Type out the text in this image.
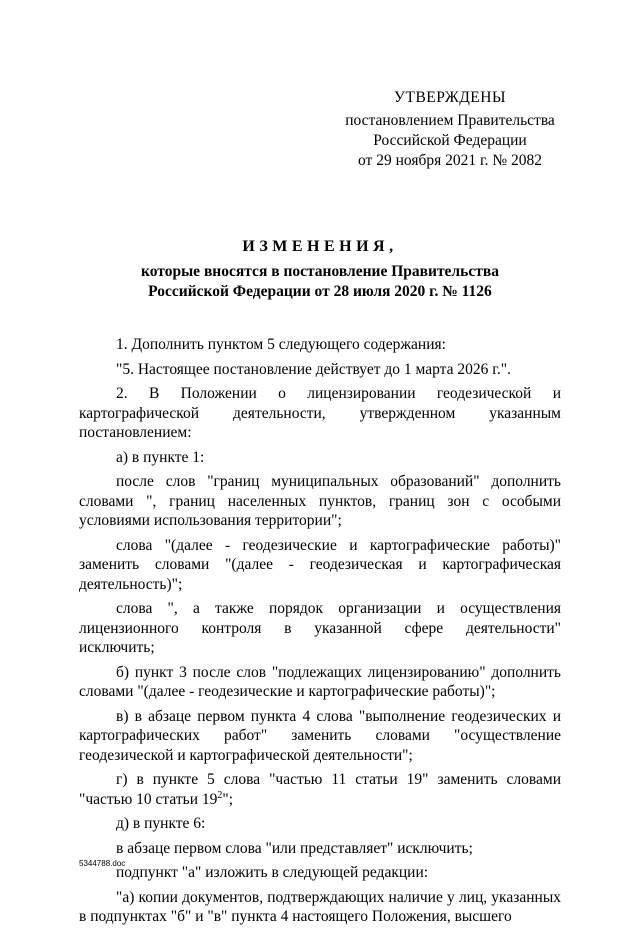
УТВЕРЖДЕНЫ
постановлением Правительства
Российской Федерации
от 29 ноября 2021 г. № 2082
ИЗМЕНЕНИЯ,
которые вносятся в постановление Правительства
Российской Федерации от 28 июля 2020 г. № 1126

1. Дополнить пунктом 5 следующего содержания:

"5. Настоящее постановление действует до 1 марта 2026 г.".

2. В Положении о лицензировании геодезической и картографической деятельности, утвержденном указанным постановлением:

а) в пункте 1:

после слов "границ муниципальных образований" дополнить словами ", границ населенных пунктов, границ зон с особыми условиями использования территории";

слова "(далее - геодезические и картографические работы)" заменить словами "(далее - геодезическая и картографическая деятельность)";

слова ", а также порядок организации и осуществления лицензионного контроля в указанной сфере деятельности" исключить;

б) пункт 3 после слов "подлежащих лицензированию" дополнить словами "(далее - геодезические и картографические работы)";

в) в абзаце первом пункта 4 слова "выполнение геодезических и картографических работ" заменить словами "осуществление геодезической и картографической деятельности";

г) в пункте 5 слова "частью 11 статьи 19" заменить словами "частью 10 статьи $19^2$";

д) в пункте 6:

в абзаце первом слова "или представляет" исключить;

подпункт "а" изложить в следующей редакции:

"а) копии документов, подтверждающих наличие у лиц, указанных в подпунктах "б" и "в" пункта 4 настоящего Положения, высшего

5344788.doc
